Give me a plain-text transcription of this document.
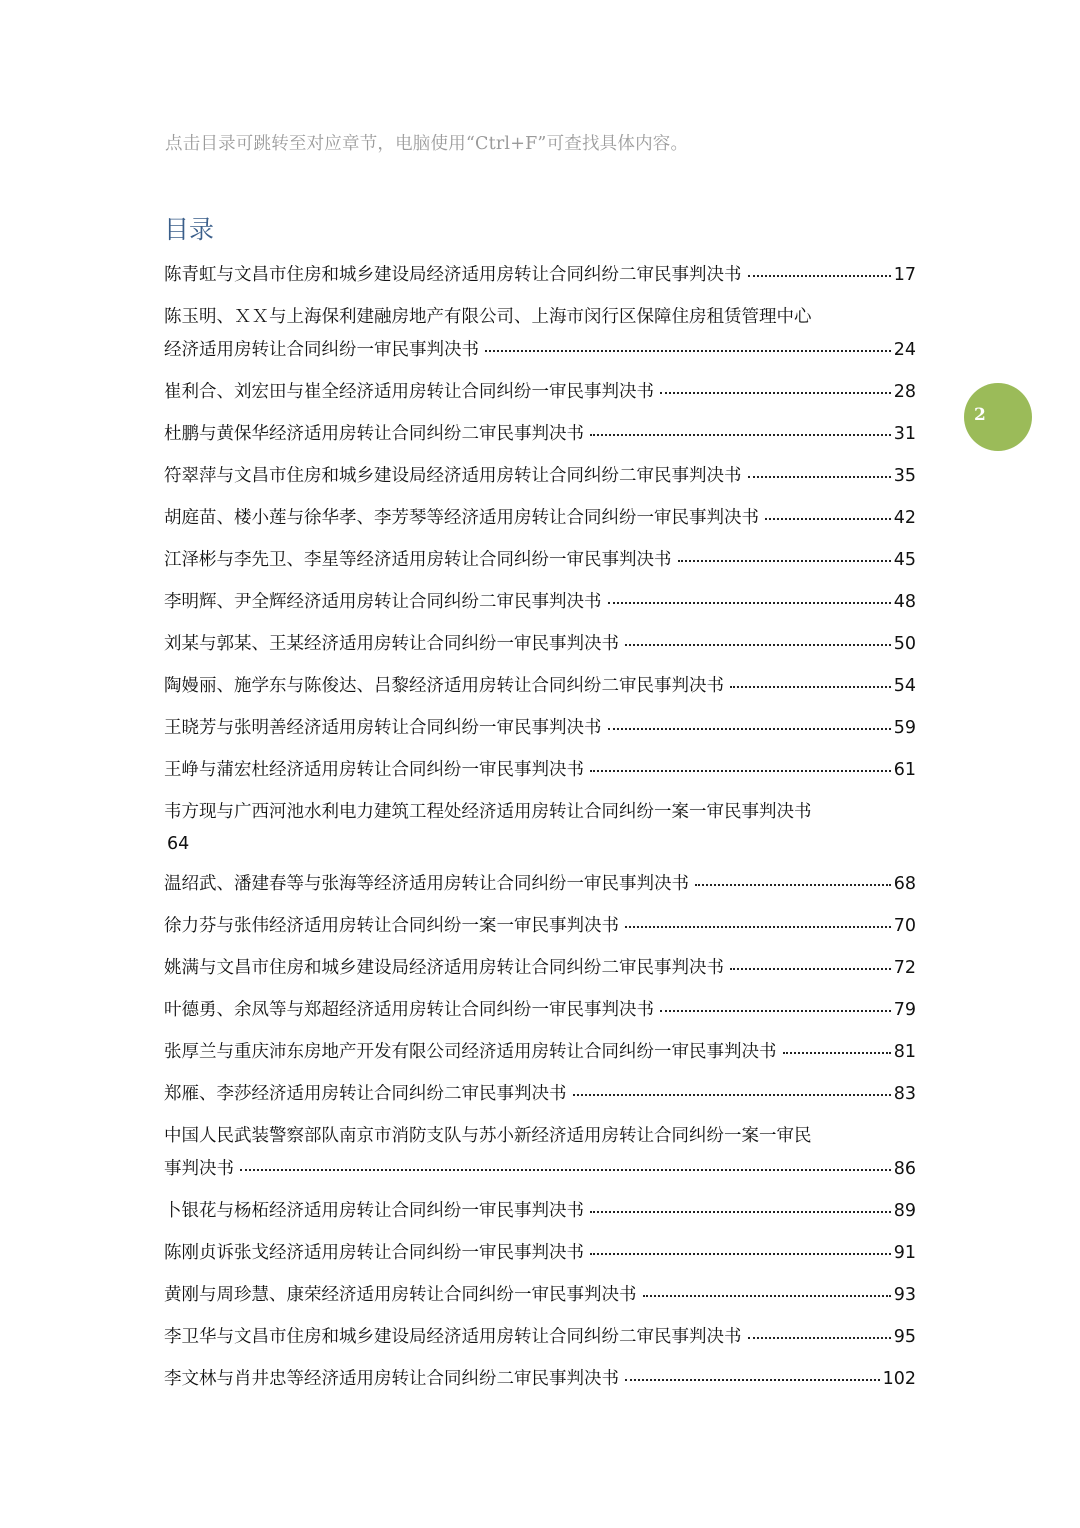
点击目录可跳转至对应章节，电脑使用“Ctrl+F”可查找具体内容。
目录
2
陈青虹与文昌市住房和城乡建设局经济适用房转让合同纠纷二审民事判决书	17
陈玉明、ＸＸ与上海保利建融房地产有限公司、上海市闵行区保障住房租赁管理中心
经济适用房转让合同纠纷一审民事判决书	24
崔利合、刘宏田与崔全经济适用房转让合同纠纷一审民事判决书	28
杜鹏与黄保华经济适用房转让合同纠纷二审民事判决书	31
符翠萍与文昌市住房和城乡建设局经济适用房转让合同纠纷二审民事判决书	35
胡庭苗、楼小莲与徐华孝、李芳琴等经济适用房转让合同纠纷一审民事判决书	42
江泽彬与李先卫、李星等经济适用房转让合同纠纷一审民事判决书	45
李明辉、尹全辉经济适用房转让合同纠纷二审民事判决书	48
刘某与郭某、王某经济适用房转让合同纠纷一审民事判决书	50
陶嫚丽、施学东与陈俊达、吕黎经济适用房转让合同纠纷二审民事判决书	54
王晓芳与张明善经济适用房转让合同纠纷一审民事判决书	59
王峥与蒲宏杜经济适用房转让合同纠纷一审民事判决书	61
韦方现与广西河池水利电力建筑工程处经济适用房转让合同纠纷一案一审民事判决书
64
温绍武、潘建春等与张海等经济适用房转让合同纠纷一审民事判决书	68
徐力芬与张伟经济适用房转让合同纠纷一案一审民事判决书	70
姚满与文昌市住房和城乡建设局经济适用房转让合同纠纷二审民事判决书	72
叶德勇、余凤等与郑超经济适用房转让合同纠纷一审民事判决书	79
张厚兰与重庆沛东房地产开发有限公司经济适用房转让合同纠纷一审民事判决书	81
郑雁、李莎经济适用房转让合同纠纷二审民事判决书	83
中国人民武装警察部队南京市消防支队与苏小新经济适用房转让合同纠纷一案一审民
事判决书	86
卜银花与杨柘经济适用房转让合同纠纷一审民事判决书	89
陈刚贞诉张戈经济适用房转让合同纠纷一审民事判决书	91
黄刚与周珍慧、康荣经济适用房转让合同纠纷一审民事判决书	93
李卫华与文昌市住房和城乡建设局经济适用房转让合同纠纷二审民事判决书	95
李文林与肖井忠等经济适用房转让合同纠纷二审民事判决书	102
